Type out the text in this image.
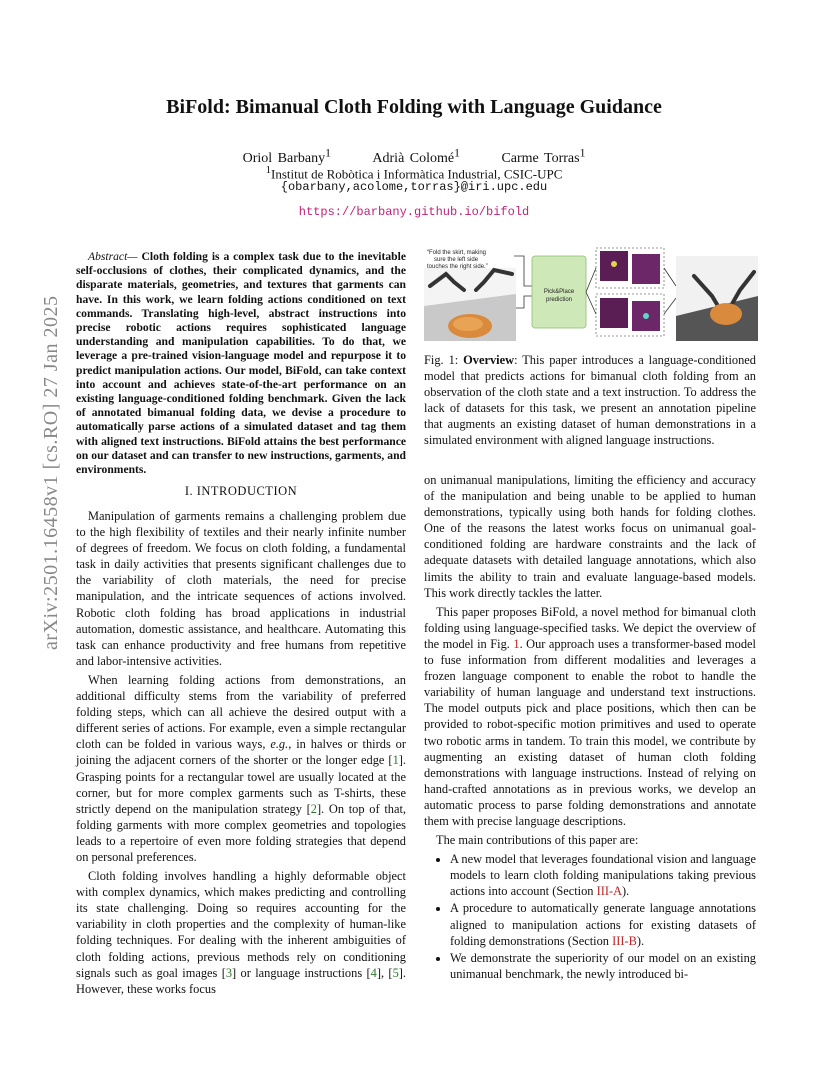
BiFold: Bimanual Cloth Folding with Language Guidance
Oriol Barbany$^1$	Adrià Colomé$^1$	Carme Torras$^1$
$^1$Institut de Robòtica i Informàtica Industrial, CSIC-UPC
{obarbany,acolome,torras}@iri.upc.edu
https://barbany.github.io/bifold
arXiv:2501.16458v1 [cs.RO] 27 Jan 2025
Abstract— Cloth folding is a complex task due to the inevitable self-occlusions of clothes, their complicated dynamics, and the disparate materials, geometries, and textures that garments can have. In this work, we learn folding actions conditioned on text commands. Translating high-level, abstract instructions into precise robotic actions requires sophisticated language understanding and manipulation capabilities. To do that, we leverage a pre-trained vision-language model and repurpose it to predict manipulation actions. Our model, BiFold, can take context into account and achieves state-of-the-art performance on an existing language-conditioned folding benchmark. Given the lack of annotated bimanual folding data, we devise a procedure to automatically parse actions of a simulated dataset and tag them with aligned text instructions. BiFold attains the best performance on our dataset and can transfer to new instructions, garments, and environments.
I. INTRODUCTION

Manipulation of garments remains a challenging problem due to the high flexibility of textiles and their nearly infinite number of degrees of freedom. We focus on cloth folding, a fundamental task in daily activities that presents significant challenges due to the variability of cloth materials, the need for precise manipulation, and the intricate sequences of actions involved. Robotic cloth folding has broad applications in industrial automation, domestic assistance, and healthcare. Automating this task can enhance productivity and free humans from repetitive and labor-intensive activities.

When learning folding actions from demonstrations, an additional difficulty stems from the variability of preferred folding steps, which can all achieve the desired output with a different series of actions. For example, even a simple rectangular cloth can be folded in various ways, e.g., in halves or thirds or joining the adjacent corners of the shorter or the longer edge [1]. Grasping points for a rectangular towel are usually located at the corner, but for more complex garments such as T-shirts, these strictly depend on the manipulation strategy [2]. On top of that, folding garments with more complex geometries and topologies leads to a repertoire of even more folding strategies that depend on personal preferences.

Cloth folding involves handling a highly deformable object with complex dynamics, which makes predicting and controlling its state challenging. Doing so requires accounting for the variability in cloth properties and the complexity of human-like folding techniques. For dealing with the inherent ambiguities of cloth folding actions, previous methods rely on conditioning signals such as goal images [3] or language instructions [4], [5]. However, these works focus

“Fold the skirt, making
sure the left side
touches the right side.”
Pick&Place
prediction
Fig. 1: Overview: This paper introduces a language-conditioned model that predicts actions for bimanual cloth folding from an observation of the cloth state and a text instruction. To address the lack of datasets for this task, we present an annotation pipeline that augments an existing dataset of human demonstrations in a simulated environment with aligned language instructions.

on unimanual manipulations, limiting the efficiency and accuracy of the manipulation and being unable to be applied to human demonstrations, typically using both hands for folding clothes. One of the reasons the latest works focus on unimanual goal-conditioned folding are hardware constraints and the lack of adequate datasets with detailed language annotations, which also limits the ability to train and evaluate language-based models. This work directly tackles the latter.

This paper proposes BiFold, a novel method for bimanual cloth folding using language-specified tasks. We depict the overview of the model in Fig. 1. Our approach uses a transformer-based model to fuse information from different modalities and leverages a frozen language component to enable the robot to handle the variability of human language and understand text instructions. The model outputs pick and place positions, which then can be provided to robot-specific motion primitives and used to operate two robotic arms in tandem. To train this model, we contribute by augmenting an existing dataset of human cloth folding demonstrations with language instructions. Instead of relying on hand-crafted annotations as in previous works, we develop an automatic process to parse folding demonstrations and annotate them with precise language descriptions.

The main contributions of this paper are:

• A new model that leverages foundational vision and language models to learn cloth folding manipulations taking previous actions into account (Section III-A).
• A procedure to automatically generate language annotations aligned to manipulation actions for existing datasets of folding demonstrations (Section III-B).
• We demonstrate the superiority of our model on an existing unimanual benchmark, the newly introduced bi-
